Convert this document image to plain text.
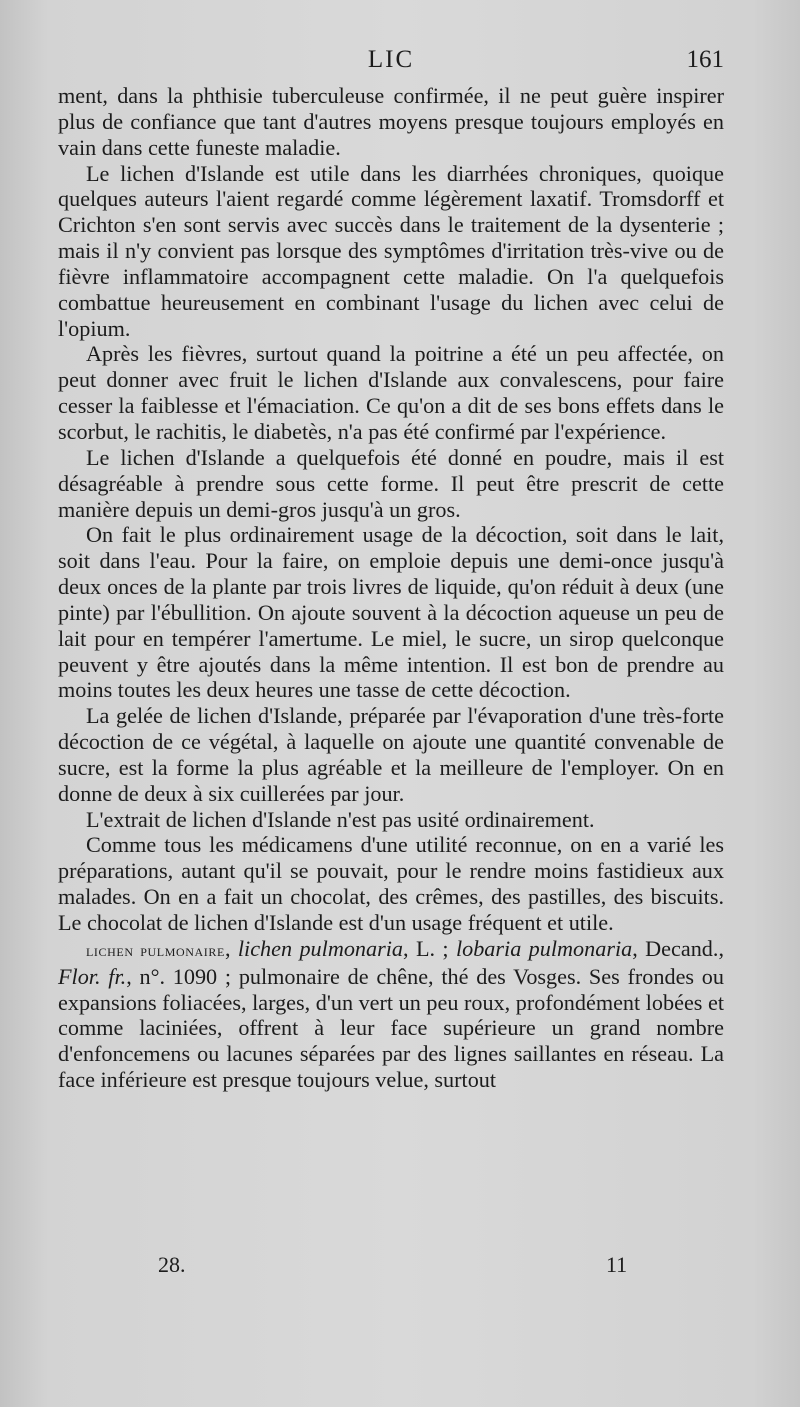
LIC	161

ment, dans la phthisie tuberculeuse confirmée, il ne peut guère inspirer plus de confiance que tant d'autres moyens presque toujours employés en vain dans cette funeste maladie.

Le lichen d'Islande est utile dans les diarrhées chroniques, quoique quelques auteurs l'aient regardé comme légèrement laxatif. Tromsdorff et Crichton s'en sont servis avec succès dans le traitement de la dysenterie ; mais il n'y convient pas lorsque des symptômes d'irritation très-vive ou de fièvre inflammatoire accompagnent cette maladie. On l'a quelquefois combattue heureusement en combinant l'usage du lichen avec celui de l'opium.

Après les fièvres, surtout quand la poitrine a été un peu affectée, on peut donner avec fruit le lichen d'Islande aux convalescens, pour faire cesser la faiblesse et l'émaciation. Ce qu'on a dit de ses bons effets dans le scorbut, le rachitis, le diabetès, n'a pas été confirmé par l'expérience.

Le lichen d'Islande a quelquefois été donné en poudre, mais il est désagréable à prendre sous cette forme. Il peut être prescrit de cette manière depuis un demi-gros jusqu'à un gros.

On fait le plus ordinairement usage de la décoction, soit dans le lait, soit dans l'eau. Pour la faire, on emploie depuis une demi-once jusqu'à deux onces de la plante par trois livres de liquide, qu'on réduit à deux (une pinte) par l'ébullition. On ajoute souvent à la décoction aqueuse un peu de lait pour en tempérer l'amertume. Le miel, le sucre, un sirop quelconque peuvent y être ajoutés dans la même intention. Il est bon de prendre au moins toutes les deux heures une tasse de cette décoction.

La gelée de lichen d'Islande, préparée par l'évaporation d'une très-forte décoction de ce végétal, à laquelle on ajoute une quantité convenable de sucre, est la forme la plus agréable et la meilleure de l'employer. On en donne de deux à six cuillerées par jour.

L'extrait de lichen d'Islande n'est pas usité ordinairement.

Comme tous les médicamens d'une utilité reconnue, on en a varié les préparations, autant qu'il se pouvait, pour le rendre moins fastidieux aux malades. On en a fait un chocolat, des crêmes, des pastilles, des biscuits. Le chocolat de lichen d'Islande est d'un usage fréquent et utile.

lichen pulmonaire, lichen pulmonaria, L. ; lobaria pulmonaria, Decand., Flor. fr., n°. 1090 ; pulmonaire de chêne, thé des Vosges. Ses frondes ou expansions foliacées, larges, d'un vert un peu roux, profondément lobées et comme laciniées, offrent à leur face supérieure un grand nombre d'enfoncemens ou lacunes séparées par des lignes saillantes en réseau. La face inférieure est presque toujours velue, surtout

28.	11
